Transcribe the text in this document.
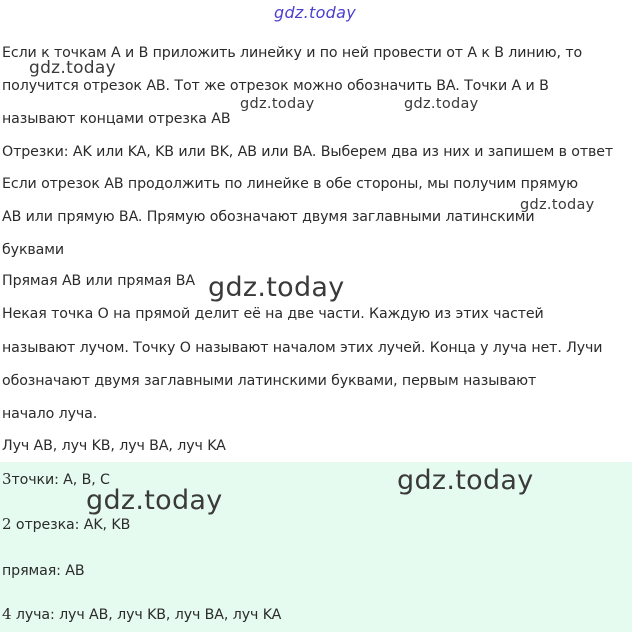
Если к точкам A и B приложить линейку и по ней провести от A к B линию, то
получится отрезок AB. Тот же отрезок можно обозначить BA. Точки A и B
называют концами отрезка AB
Отрезки: AK или KA, KB или BK, AB или BA. Выберем два из них и запишем в ответ
Если отрезок AB продолжить по линейке в обе стороны, мы получим прямую
AB или прямую BA. Прямую обозначают двумя заглавными латинскими
буквами
Прямая AB или прямая BA
Некая точка O на прямой делит её на две части. Каждую из этих частей
называют лучом. Точку O называют началом этих лучей. Конца у луча нет. Лучи
обозначают двумя заглавными латинскими буквами, первым называют
начало луча.
Луч AB, луч KB, луч BA, луч KA
3точки: A, B, C
2 отрезка: AK, KB
прямая: AB
4 луча: луч AB, луч KB, луч BA, луч KA
gdz.today
gdz.today
gdz.today	gdz.today
gdz.today
gdz.today
gdz.today
gdz.today
